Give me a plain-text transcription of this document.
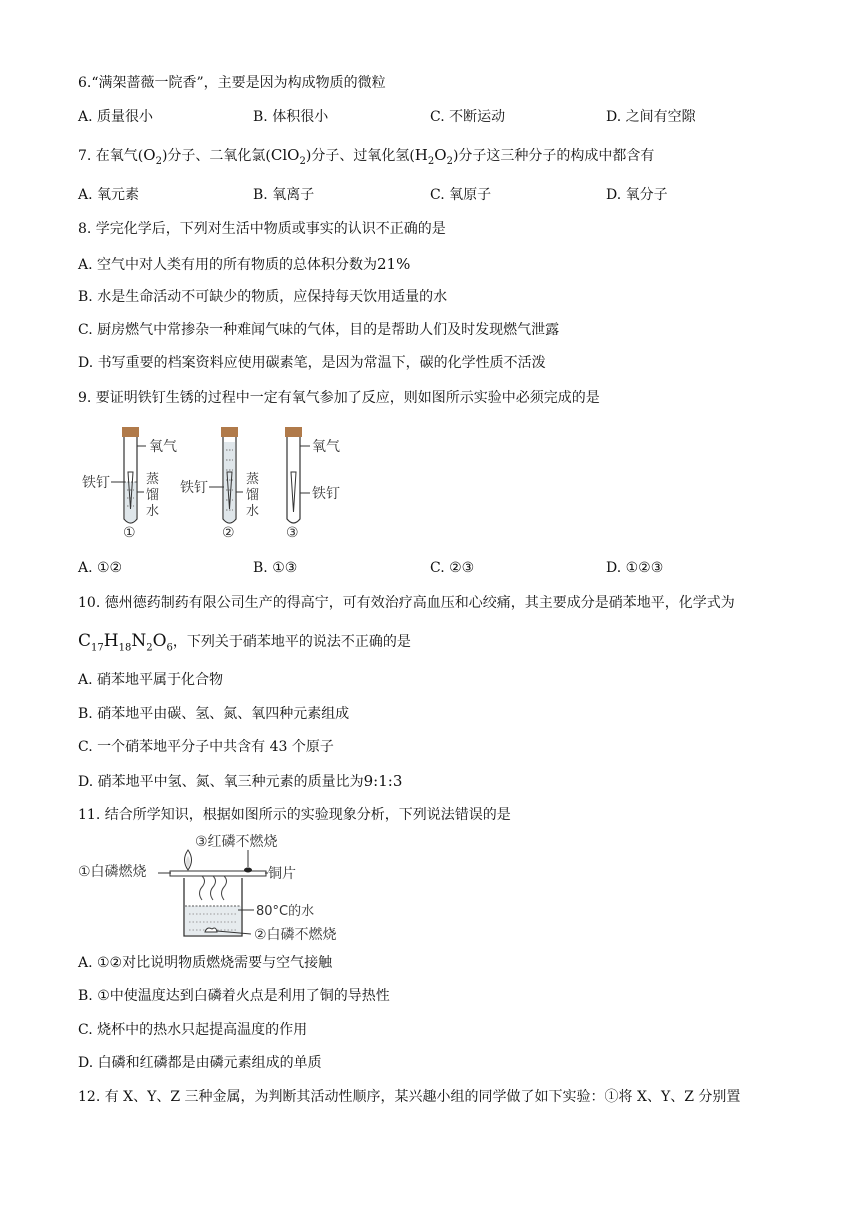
6.“满架蔷薇一院香”，主要是因为构成物质的微粒
A. 质量很小	B. 体积很小	C. 不断运动	D. 之间有空隙
7. 在氧气$(O_2)$分子、二氧化氯(ClO$_2$)分子、过氧化氢$(H_2O_2)$分子这三种分子的构成中都含有
A. 氧元素	B. 氧离子	C. 氧原子	D. 氧分子
8. 学完化学后，下列对生活中物质或事实的认识不正确的是
A. 空气中对人类有用的所有物质的总体积分数为21%
B. 水是生命活动不可缺少的物质，应保持每天饮用适量的水
C. 厨房燃气中常掺杂一种难闻气味的气体，目的是帮助人们及时发现燃气泄露
D. 书写重要的档案资料应使用碳素笔，是因为常温下，碳的化学性质不活泼
9. 要证明铁钉生锈的过程中一定有氧气参加了反应，则如图所示实验中必须完成的是
氧气
铁钉	蒸
馏
水
①
铁钉
蒸
馏
水
②
氧气
铁钉
③
A. ①②	B. ①③	C. ②③	D. ①②③
10. 德州德药制药有限公司生产的得高宁，可有效治疗高血压和心绞痛，其主要成分是硝苯地平，化学式为
$C_{17}H_{18}N_2O_6$，下列关于硝苯地平的说法不正确的是
A. 硝苯地平属于化合物
B. 硝苯地平由碳、氢、氮、氧四种元素组成
C. 一个硝苯地平分子中共含有 43 个原子
D. 硝苯地平中氢、氮、氧三种元素的质量比为9:1:3
11. 结合所学知识，根据如图所示的实验现象分析，下列说法错误的是
③红磷不燃烧
①白磷燃烧	铜片
80°C的水
②白磷不燃烧
A. ①②对比说明物质燃烧需要与空气接触
B. ①中使温度达到白磷着火点是利用了铜的导热性
C. 烧杯中的热水只起提高温度的作用
D. 白磷和红磷都是由磷元素组成的单质
12. 有 X、Y、Z 三种金属，为判断其活动性顺序，某兴趣小组的同学做了如下实验：①将 X、Y、Z 分别置
